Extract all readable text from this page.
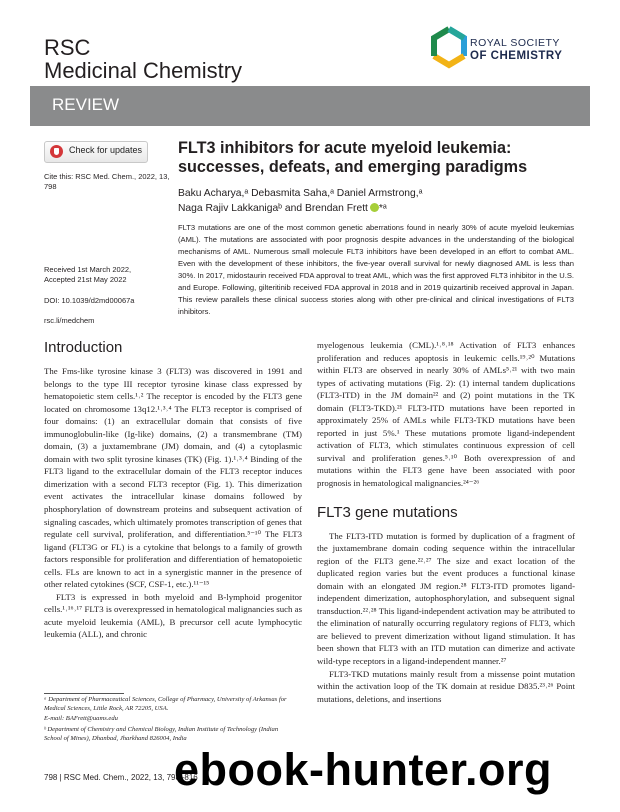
RSC
Medicinal Chemistry
ROYAL SOCIETY
OF CHEMISTRY
REVIEW
Check for updates
Cite this: RSC Med. Chem., 2022, 13,
798
Received 1st March 2022,
Accepted 21st May 2022
DOI: 10.1039/d2md00067a
rsc.li/medchem
FLT3 inhibitors for acute myeloid leukemia: successes, defeats, and emerging paradigms
Baku Acharya,ᵃ Debasmita Saha,ᵃ Daniel Armstrong,ᵃ
Naga Rajiv Lakkanigaᵇ and Brendan Frett *ᵃ
FLT3 mutations are one of the most common genetic aberrations found in nearly 30% of acute myeloid leukemias (AML). The mutations are associated with poor prognosis despite advances in the understanding of the biological mechanisms of AML. Numerous small molecule FLT3 inhibitors have been developed in an effort to combat AML. Even with the development of these inhibitors, the five-year overall survival for newly diagnosed AML is less than 30%. In 2017, midostaurin received FDA approval to treat AML, which was the first approved FLT3 inhibitor in the U.S. and Europe. Following, gilteritinib received FDA approval in 2018 and in 2019 quizartinib received approval in Japan. This review parallels these clinical success stories along with other pre-clinical and clinical investigations of FLT3 inhibitors.
Introduction

The Fms-like tyrosine kinase 3 (FLT3) was discovered in 1991 and belongs to the type III receptor tyrosine kinase class expressed by hematopoietic stem cells.¹˒² The receptor is encoded by the FLT3 gene located on chromosome 13q12.¹˒³˒⁴ The FLT3 receptor is comprised of four domains: (1) an extracellular domain that consists of five immunoglobulin-like (Ig-like) domains, (2) a transmembrane (TM) domain, (3) a juxtamembrane (JM) domain, and (4) a cytoplasmic domain with two split tyrosine kinases (TK) (Fig. 1).¹˒³˒⁴ Binding of the FLT3 ligand to the extracellular domain of the FLT3 receptor induces dimerization with a second FLT3 receptor (Fig. 1). This dimerization event activates the intracellular kinase domains followed by phosphorylation of downstream proteins and subsequent activation of signaling cascades, which ultimately promotes transcription of genes that regulate cell survival, proliferation, and differentiation.⁵⁻¹⁰ The FLT3 ligand (FLT3G or FL) is a cytokine that belongs to a family of growth factors responsible for proliferation and differentiation of hematopoietic cells. FLs are known to act in a synergistic manner in the presence of other related cytokines (SCF, CSF-1, etc.).¹¹⁻¹⁵

FLT3 is expressed in both myeloid and B-lymphoid progenitor cells.¹˒¹⁶˒¹⁷ FLT3 is overexpressed in hematological malignancies such as acute myeloid leukemia (AML), B precursor cell acute lymphocytic leukemia (ALL), and chronic

ᵃ Department of Pharmaceutical Sciences, College of Pharmacy, University of Arkansas for Medical Sciences, Little Rock, AR 72205, USA.

E-mail: BAFrett@uams.edu

ᵇ Department of Chemistry and Chemical Biology, Indian Institute of Technology (Indian School of Mines), Dhanbad, Jharkhand 826004, India

myelogenous leukemia (CML).¹˒⁸˒¹⁸ Activation of FLT3 enhances proliferation and reduces apoptosis in leukemic cells.¹⁹˒²⁰ Mutations within FLT3 are observed in nearly 30% of AMLs⁵˒²¹ with two main types of activating mutations (Fig. 2): (1) internal tandem duplications (FLT3-ITD) in the JM domain²² and (2) point mutations in the TK domain (FLT3-TKD).²¹ FLT3-ITD mutations have been reported in approximately 25% of AMLs while FLT3-TKD mutations have been reported in just 5%.¹ These mutations promote ligand-independent activation of FLT3, which stimulates continuous expression of cell survival and proliferation genes.⁵˒¹⁰ Both overexpression of and mutations within the FLT3 gene have been associated with poor prognosis in hematological malignancies.²⁴⁻²⁶

FLT3 gene mutations

The FLT3-ITD mutation is formed by duplication of a fragment of the juxtamembrane domain coding sequence within the intracellular region of the FLT3 gene.²²˒²⁷ The size and exact location of the duplicated region varies but the event produces a functional kinase domain with an elongated JM region.²⁸ FLT3-ITD promotes ligand-independent dimerization, autophosphorylation, and subsequent signal transduction.²²˒²⁸ This ligand-independent activation may be attributed to the elimination of naturally occurring regulatory regions of FLT3, which are believed to prevent dimerization without ligand stimulation. It has been shown that FLT3 with an ITD mutation can dimerize and activate wild-type receptors in a ligand-independent manner.²⁷

FLT3-TKD mutations mainly result from a missense point mutation within the activation loop of the TK domain at residue D835.²³˒²⁶ Point mutations, deletions, and insertions

798 | RSC Med. Chem., 2022, 13, 798–816
ebook-hunter.org
